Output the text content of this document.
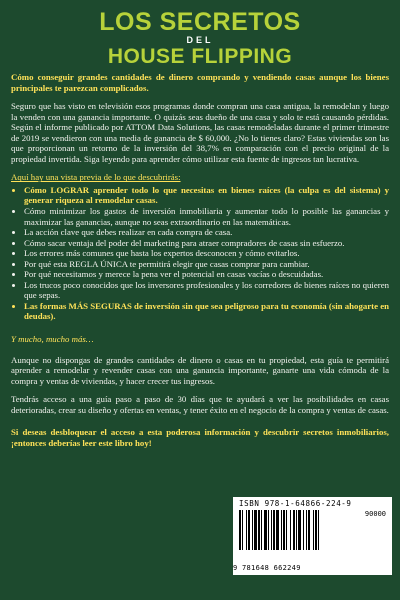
LOS SECRETOS
DEL
HOUSE FLIPPING

Cómo conseguir grandes cantidades de dinero comprando y vendiendo casas aunque los bienes principales te parezcan complicados.

Seguro que has visto en televisión esos programas donde compran una casa antigua, la remodelan y luego la venden con una ganancia importante. O quizás seas dueño de una casa y solo te está causando pérdidas. Según el informe publicado por ATTOM Data Solutions, las casas remodeladas durante el primer trimestre de 2019 se vendieron con una media de ganancia de $ 60,000. ¿No lo tienes claro? Estas viviendas son las que proporcionan un retorno de la inversión del 38,7% en comparación con el precio original de la propiedad invertida. Siga leyendo para aprender cómo utilizar esta fuente de ingresos tan lucrativa.

Aquí hay una vista previa de lo que descubrirás:

• Cómo LOGRAR aprender todo lo que necesitas en bienes raíces (la culpa es del sistema) y generar riqueza al remodelar casas.
• Cómo minimizar los gastos de inversión inmobiliaria y aumentar todo lo posible las ganancias y maximizar las ganancias, aunque no seas extraordinario en las matemáticas.
• La acción clave que debes realizar en cada compra de casa.
• Cómo sacar ventaja del poder del marketing para atraer compradores de casas sin esfuerzo.
• Los errores más comunes que hasta los expertos desconocen y cómo evitarlos.
• Por qué esta REGLA ÚNICA te permitirá elegir que casas comprar para cambiar.
• Por qué necesitamos y merece la pena ver el potencial en casas vacías o descuidadas.
• Los trucos poco conocidos que los inversores profesionales y los corredores de bienes raíces no quieren que sepas.
• Las formas MÁS SEGURAS de inversión sin que sea peligroso para tu economía (sin ahogarte en deudas).

Y mucho, mucho más…

Aunque no dispongas de grandes cantidades de dinero o casas en tu propiedad, esta guía te permitirá aprender a remodelar y revender casas con una ganancia importante, ganarte una vida cómoda de la compra y ventas de viviendas, y hacer crecer tus ingresos.

Tendrás acceso a una guía paso a paso de 30 días que te ayudará a ver las posibilidades en casas deterioradas, crear su diseño y ofertas en ventas, y tener éxito en el negocio de la compra y ventas de casas.

Si deseas desbloquear el acceso a esta poderosa información y descubrir secretos inmobiliarios, ¡entonces deberías leer este libro hoy!

ISBN 978-1-64866-224-9
90000
9 781648 662249
